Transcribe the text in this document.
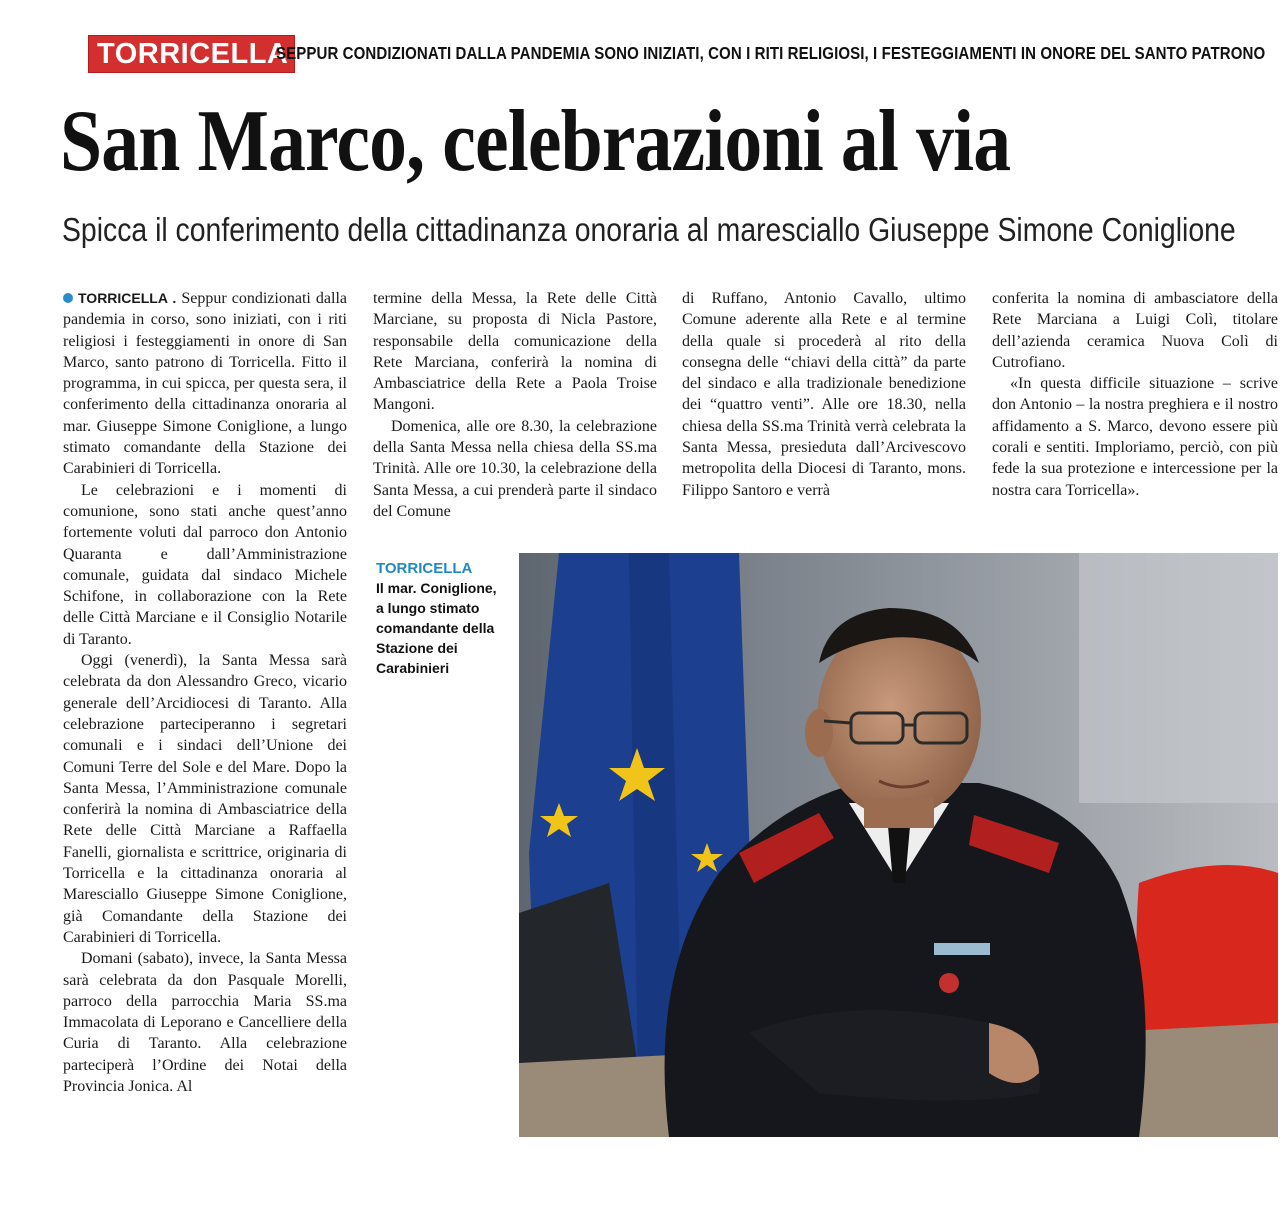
TORRICELLA
SEPPUR CONDIZIONATI DALLA PANDEMIA SONO INIZIATI, CON I RITI RELIGIOSI, I FESTEGGIAMENTI IN ONORE DEL SANTO PATRONO
San Marco, celebrazioni al via
Spicca il conferimento della cittadinanza onoraria al maresciallo Giuseppe Simone Coniglione

TORRICELLA . Seppur condizionati dalla pandemia in corso, sono iniziati, con i riti religiosi i festeggiamenti in onore di San Marco, santo patrono di Torricella. Fitto il programma, in cui spicca, per questa sera, il conferimento della cittadinanza onoraria al mar. Giuseppe Simone Coniglione, a lungo stimato comandante della Stazione dei Carabinieri di Torricella.

Le celebrazioni e i momenti di comunione, sono stati anche quest’anno fortemente voluti dal parroco don Antonio Quaranta e dall’Amministrazione comunale, guidata dal sindaco Michele Schifone, in collaborazione con la Rete delle Città Marciane e il Consiglio Notarile di Taranto.

Oggi (venerdì), la Santa Messa sarà celebrata da don Alessandro Greco, vicario generale dell’Arcidiocesi di Taranto. Alla celebrazione parteciperanno i segretari comunali e i sindaci dell’Unione dei Comuni Terre del Sole e del Mare. Dopo la Santa Messa, l’Amministrazione comunale conferirà la nomina di Ambasciatrice della Rete delle Città Marciane a Raffaella Fanelli, giornalista e scrittrice, originaria di Torricella e la cittadinanza onoraria al Maresciallo Giuseppe Simone Coniglione, già Comandante della Stazione dei Carabinieri di Torricella.

Domani (sabato), invece, la Santa Messa sarà celebrata da don Pasquale Morelli, parroco della parrocchia Maria SS.ma Immacolata di Leporano e Cancelliere della Curia di Taranto. Alla celebrazione parteciperà l’Ordine dei Notai della Provincia Jonica. Al

termine della Messa, la Rete delle Città Marciane, su proposta di Nicla Pastore, responsabile della comunicazione della Rete Marciana, conferirà la nomina di Ambasciatrice della Rete a Paola Troise Mangoni.

Domenica, alle ore 8.30, la celebrazione della Santa Messa nella chiesa della SS.ma Trinità. Alle ore 10.30, la celebrazione della Santa Messa, a cui prenderà parte il sindaco del Comune

di Ruffano, Antonio Cavallo, ultimo Comune aderente alla Rete e al termine della quale si procederà al rito della consegna delle “chiavi della città” da parte del sindaco e alla tradizionale benedizione dei “quattro venti”. Alle ore 18.30, nella chiesa della SS.ma Trinità verrà celebrata la Santa Messa, presieduta dall’Arcivescovo metropolita della Diocesi di Taranto, mons. Filippo Santoro e verrà

conferita la nomina di ambasciatore della Rete Marciana a Luigi Colì, titolare dell’azienda ceramica Nuova Colì di Cutrofiano.

«In questa difficile situazione – scrive don Antonio – la nostra preghiera e il nostro affidamento a S. Marco, devono essere più corali e sentiti. Imploriamo, perciò, con più fede la sua protezione e intercessione per la nostra cara Torricella».

TORRICELLA
Il mar. Coniglione, a lungo stimato comandante della Stazione dei Carabinieri
